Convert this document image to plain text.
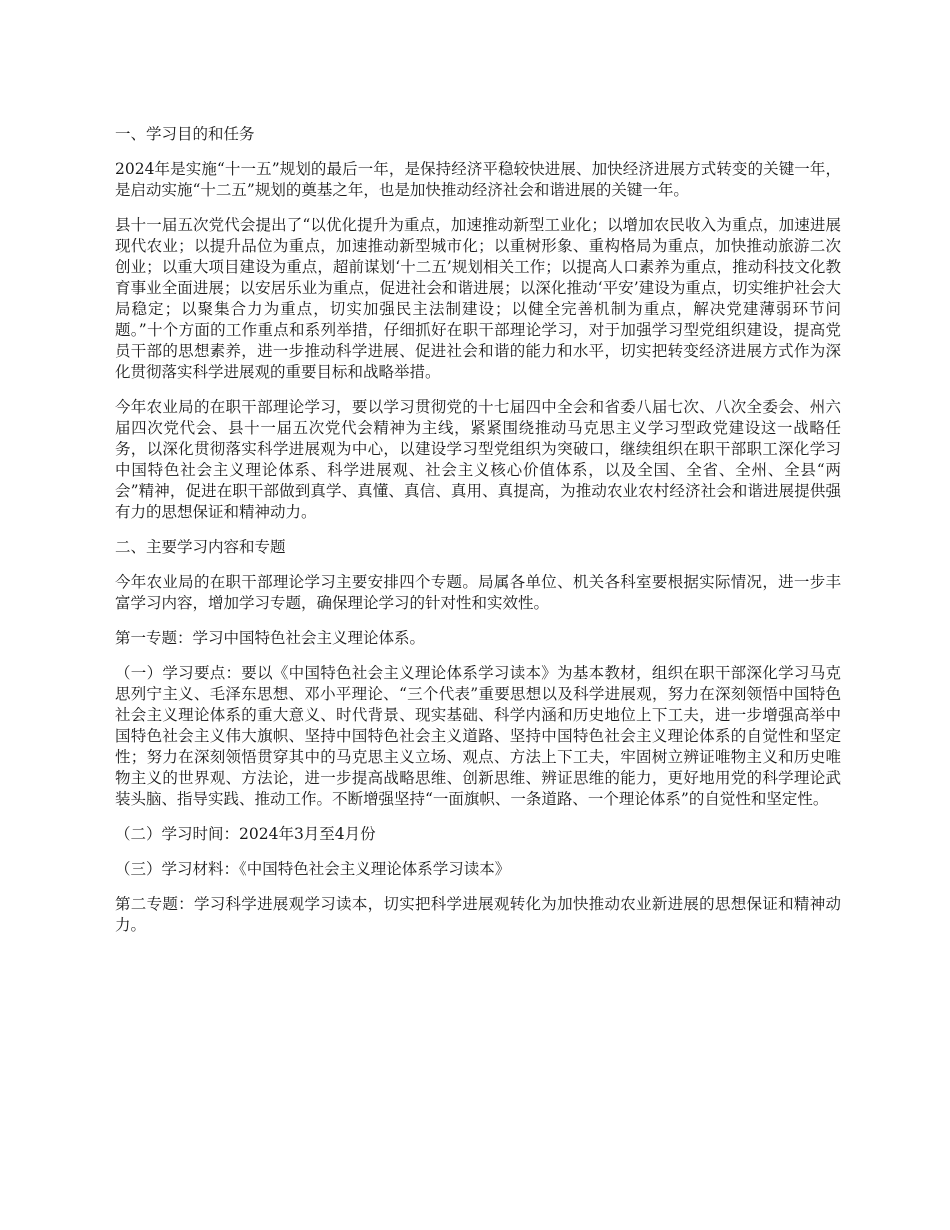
一、学习目的和任务

2024年是实施“十一五”规划的最后一年，是保持经济平稳较快进展、加快经济进展方式转变的关键一年，是启动实施“十二五”规划的奠基之年，也是加快推动经济社会和谐进展的关键一年。

县十一届五次党代会提出了“以优化提升为重点，加速推动新型工业化；以增加农民收入为重点，加速进展现代农业；以提升品位为重点，加速推动新型城市化；以重树形象、重构格局为重点，加快推动旅游二次创业；以重大项目建设为重点，超前谋划‘十二五’规划相关工作；以提高人口素养为重点，推动科技文化教育事业全面进展；以安居乐业为重点，促进社会和谐进展；以深化推动‘平安’建设为重点，切实维护社会大局稳定；以聚集合力为重点，切实加强民主法制建设；以健全完善机制为重点，解决党建薄弱环节问题。”十个方面的工作重点和系列举措，仔细抓好在职干部理论学习，对于加强学习型党组织建设，提高党员干部的思想素养，进一步推动科学进展、促进社会和谐的能力和水平，切实把转变经济进展方式作为深化贯彻落实科学进展观的重要目标和战略举措。

今年农业局的在职干部理论学习，要以学习贯彻党的十七届四中全会和省委八届七次、八次全委会、州六届四次党代会、县十一届五次党代会精神为主线，紧紧围绕推动马克思主义学习型政党建设这一战略任务，以深化贯彻落实科学进展观为中心，以建设学习型党组织为突破口，继续组织在职干部职工深化学习中国特色社会主义理论体系、科学进展观、社会主义核心价值体系，以及全国、全省、全州、全县“两会”精神，促进在职干部做到真学、真懂、真信、真用、真提高，为推动农业农村经济社会和谐进展提供强有力的思想保证和精神动力。

二、主要学习内容和专题

今年农业局的在职干部理论学习主要安排四个专题。局属各单位、机关各科室要根据实际情况，进一步丰富学习内容，增加学习专题，确保理论学习的针对性和实效性。

第一专题：学习中国特色社会主义理论体系。

（一）学习要点：要以《中国特色社会主义理论体系学习读本》为基本教材，组织在职干部深化学习马克思列宁主义、毛泽东思想、邓小平理论、“三个代表”重要思想以及科学进展观，努力在深刻领悟中国特色社会主义理论体系的重大意义、时代背景、现实基础、科学内涵和历史地位上下工夫，进一步增强高举中国特色社会主义伟大旗帜、坚持中国特色社会主义道路、坚持中国特色社会主义理论体系的自觉性和坚定性；努力在深刻领悟贯穿其中的马克思主义立场、观点、方法上下工夫，牢固树立辨证唯物主义和历史唯物主义的世界观、方法论，进一步提高战略思维、创新思维、辨证思维的能力，更好地用党的科学理论武装头脑、指导实践、推动工作。不断增强坚持“一面旗帜、一条道路、一个理论体系”的自觉性和坚定性。

（二）学习时间：2024年3月至4月份

（三）学习材料：《中国特色社会主义理论体系学习读本》

第二专题：学习科学进展观学习读本，切实把科学进展观转化为加快推动农业新进展的思想保证和精神动力。
